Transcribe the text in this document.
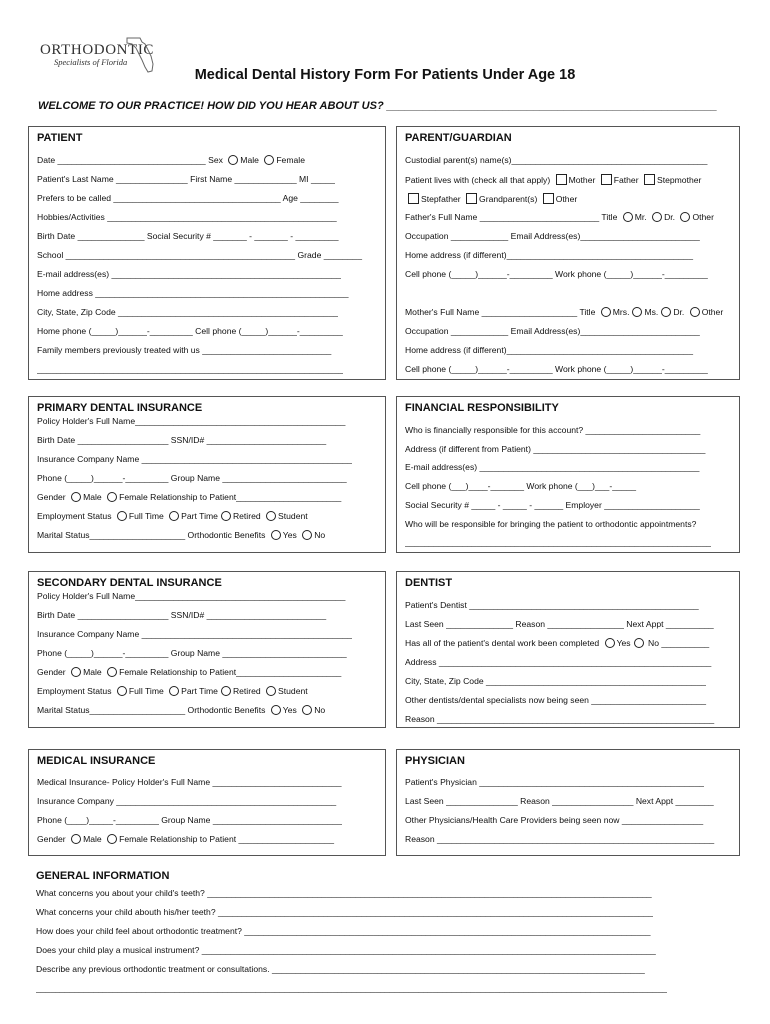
ORTHODONTIC
Specialists of Florida
Medical Dental History Form For Patients Under Age 18
WELCOME TO OUR PRACTICE! HOW DID YOU HEAR ABOUT US? ______________________________________________________
PATIENT
Date _______________________________ Sex Male Female
Patient's Last Name _______________ First Name _____________ MI _____
Prefers to be called ___________________________________ Age ________
Hobbies/Activities ________________________________________________
Birth Date ______________ Social Security # _______ - _______ - _________
School ________________________________________________ Grade ________
E-mail address(es) ________________________________________________
Home address _____________________________________________________
City, State, Zip Code ______________________________________________
Home phone (_____)______-_________ Cell phone (_____)______-_________
Family members previously treated with us ___________________________
________________________________________________________________
PARENT/GUARDIAN
Custodial parent(s) name(s)_________________________________________
Patient lives with (check all that apply) Mother Father Stepmother
Stepfather Grandparent(s) Other
Father's Full Name _________________________ Title Mr. Dr. Other
Occupation ____________ Email Address(es)_________________________
Home address (if different)_______________________________________
Cell phone (_____)______-_________ Work phone (_____)______-_________
Mother's Full Name ____________________ Title Mrs. Ms. Dr. Other
Occupation ____________ Email Address(es)_________________________
Home address (if different)_______________________________________
Cell phone (_____)______-_________ Work phone (_____)______-_________
PRIMARY DENTAL INSURANCE
Policy Holder's Full Name____________________________________________
Birth Date ___________________ SSN/ID# _________________________
Insurance Company Name ____________________________________________
Phone (_____)______-_________ Group Name __________________________
Gender Male Female Relationship to Patient______________________
Employment Status Full Time Part Time Retired Student
Marital Status____________________ Orthodontic Benefits Yes No
FINANCIAL RESPONSIBILITY
Who is financially responsible for this account? ________________________
Address (if different from Patient) ____________________________________
E-mail address(es) ______________________________________________
Cell phone (___)____-_______ Work phone (___)___-_____
Social Security # _____ - _____ - ______ Employer ____________________
Who will be responsible for bringing the patient to orthodontic appointments?
________________________________________________________________
SECONDARY DENTAL INSURANCE
Policy Holder's Full Name____________________________________________
Birth Date ___________________ SSN/ID# _________________________
Insurance Company Name ____________________________________________
Phone (_____)______-_________ Group Name __________________________
Gender Male Female Relationship to Patient______________________
Employment Status Full Time Part Time Retired Student
Marital Status____________________ Orthodontic Benefits Yes No
DENTIST
Patient's Dentist ________________________________________________
Last Seen ______________ Reason ________________ Next Appt __________
Has all of the patient's dental work been completed Yes No __________
Address _________________________________________________________
City, State, Zip Code ______________________________________________
Other dentists/dental specialists now being seen ________________________
Reason __________________________________________________________
MEDICAL INSURANCE
Medical Insurance- Policy Holder's Full Name ___________________________
Insurance Company ______________________________________________
Phone (____)_____-_________ Group Name ___________________________
Gender Male Female Relationship to Patient ____________________
PHYSICIAN
Patient's Physician _______________________________________________
Last Seen _______________ Reason _________________ Next Appt ________
Other Physicians/Health Care Providers being seen now _________________
Reason __________________________________________________________
GENERAL INFORMATION
What concerns you about your child's teeth? _____________________________________________________________________________________________
What concerns your child abouth his/her teeth? ___________________________________________________________________________________________
How does your child feel about orthodontic treatment? _____________________________________________________________________________________
Does your child play a musical instrument? _______________________________________________________________________________________________
Describe any previous orthodontic treatment or consultations. ______________________________________________________________________________
____________________________________________________________________________________________________________________________________
